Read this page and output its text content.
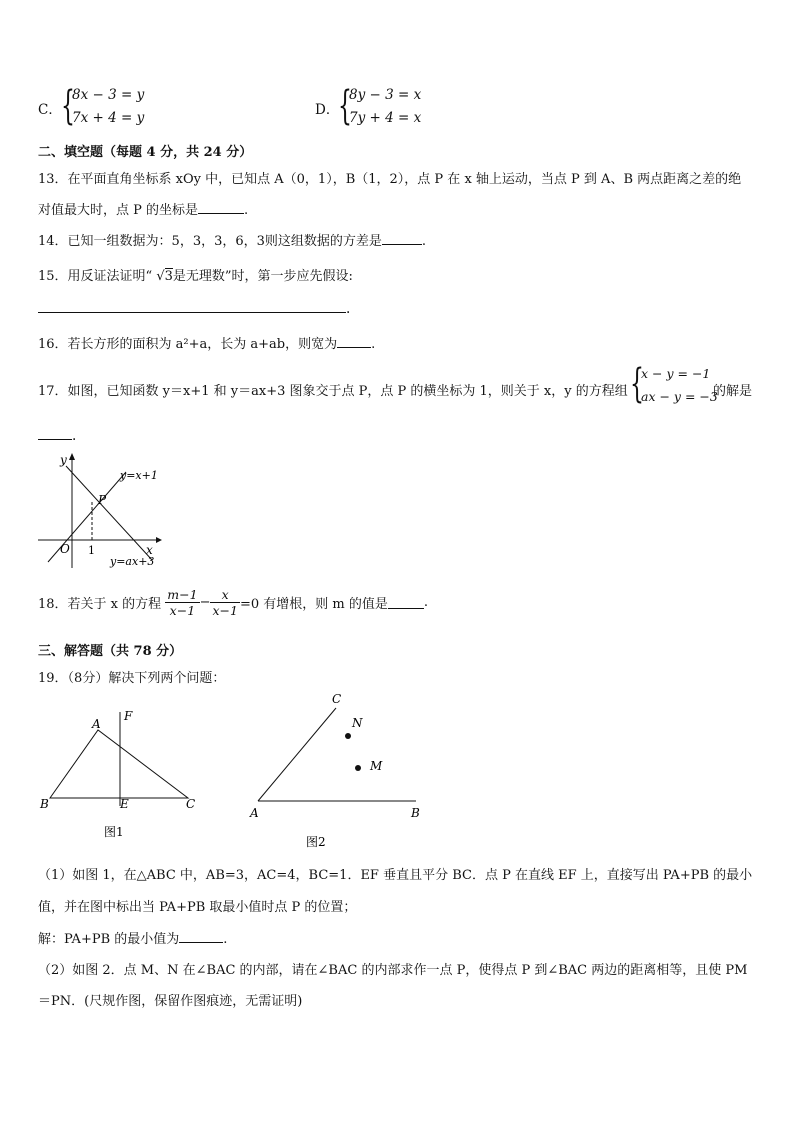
C． {
8x − 3 = y
7x + 4 = y	D．
{
8y − 3 = x
7y + 4 = x
二、填空题（每题 4 分，共 24 分）
13．在平面直角坐标系 xOy 中，已知点 A（0，1），B（1，2），点 P 在 x 轴上运动，当点 P 到 A、B 两点距离之差的绝
对值最大时，点 P 的坐标是	.
14．已知一组数据为：5，3，3，6，3则这组数据的方差是	.
15．用反证法证明“ √3是无理数”时，第一步应先假设:
.
16．若长方形的面积为 a²+a，长为 a+ab，则宽为	.
17．如图，已知函数 y＝x+1 和 y＝ax+3 图象交于点 P，点 P 的横坐标为 1，则关于 x，y 的方程组 {
x − y = −1
ax − y = −3
的解是
.
y
x
O 1
P
y=x+1
y=ax+3
18．若关于 x 的方程 $\frac{m-1}{x-1} - \frac{x}{x-1} =0$ 有增根，则 m 的值是	.
三、解答题（共 78 分）
19．（8分）解决下列两个问题：
A
B	C
E
F
图1
C
N
M
A	B
图2
（1）如图 1，在△ABC 中，AB=3，AC=4，BC=1．EF 垂直且平分 BC．点 P 在直线 EF 上，直接写出 PA+PB 的最小
值，并在图中标出当 PA+PB 取最小值时点 P 的位置；
解：PA+PB 的最小值为	.
（2）如图 2．点 M、N 在∠BAC 的内部，请在∠BAC 的内部求作一点 P，使得点 P 到∠BAC 两边的距离相等，且使 PM
＝PN．(尺规作图，保留作图痕迹，无需证明)
